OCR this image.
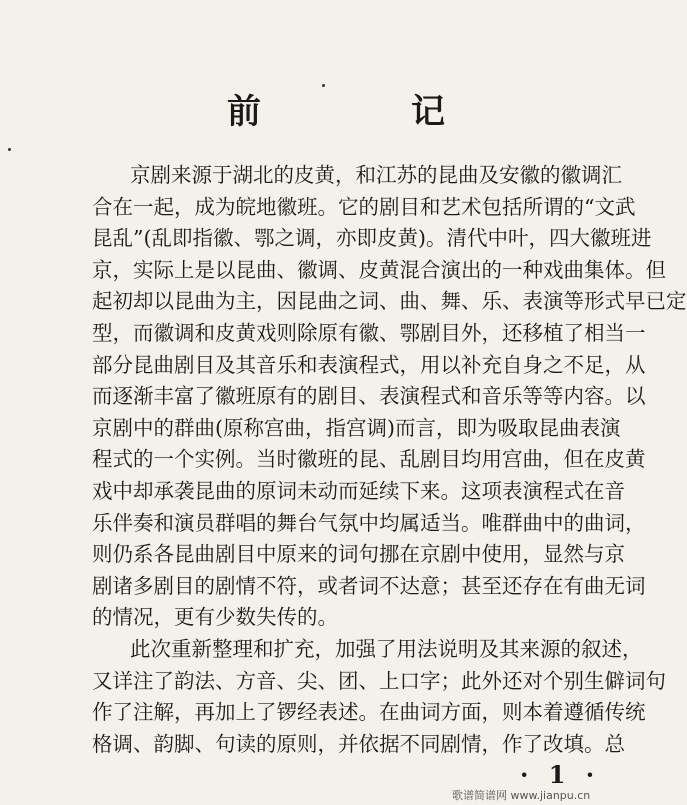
前　记
京剧来源于湖北的皮黄，和江苏的昆曲及安徽的徽调汇
合在一起，成为皖地徽班。它的剧目和艺术包括所谓的“文武
昆乱”(乱即指徽、鄂之调，亦即皮黄)。清代中叶，四大徽班进
京，实际上是以昆曲、徽调、皮黄混合演出的一种戏曲集体。但
起初却以昆曲为主，因昆曲之词、曲、舞、乐、表演等形式早已定
型，而徽调和皮黄戏则除原有徽、鄂剧目外，还移植了相当一
部分昆曲剧目及其音乐和表演程式，用以补充自身之不足，从
而逐渐丰富了徽班原有的剧目、表演程式和音乐等等内容。以
京剧中的群曲(原称宫曲，指宫调)而言，即为吸取昆曲表演
程式的一个实例。当时徽班的昆、乱剧目均用宫曲，但在皮黄
戏中却承袭昆曲的原词未动而延续下来。这项表演程式在音
乐伴奏和演员群唱的舞台气氛中均属适当。唯群曲中的曲词，
则仍系各昆曲剧目中原来的词句挪在京剧中使用，显然与京
剧诸多剧目的剧情不符，或者词不达意；甚至还存在有曲无词
的情况，更有少数失传的。
此次重新整理和扩充，加强了用法说明及其来源的叙述，
又详注了韵法、方音、尖、团、上口字；此外还对个别生僻词句
作了注解，再加上了锣经表述。在曲词方面，则本着遵循传统
格调、韵脚、句读的原则，并依据不同剧情，作了改填。总
· 1 ·
歌谱简谱网 www.jianpu.cn
